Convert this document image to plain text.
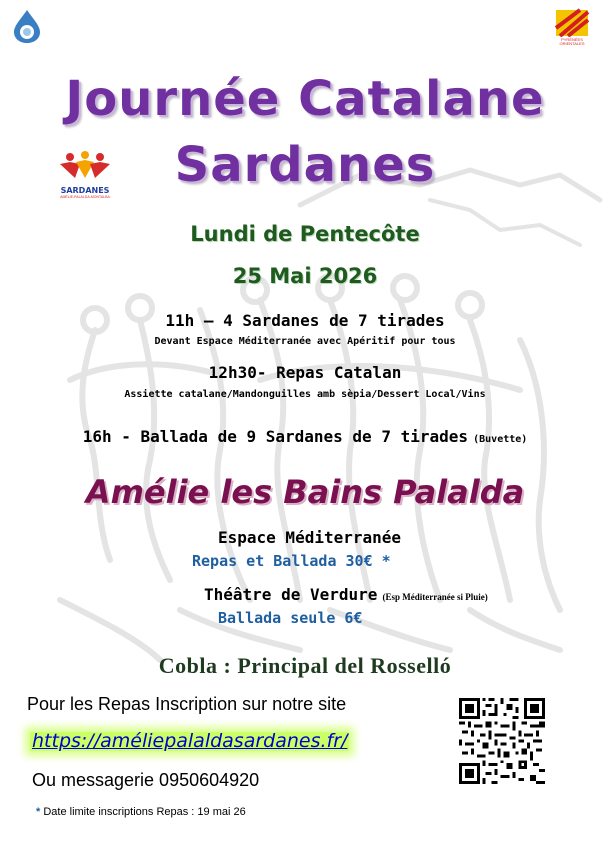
PYRÉNÉES ORIENTALES
Journée Catalane
Sardanes
SARDANES
AMÉLIE-PALALDA-MONTALBA
Lundi de Pentecôte
25 Mai 2026
11h – 4 Sardanes de 7 tirades
Devant Espace Méditerranée avec Apéritif pour tous
12h30- Repas Catalan
Assiette catalane/Mandonguilles amb sèpia/Dessert Local/Vins
16h - Ballada de 9 Sardanes de 7 tirades (Buvette)
Amélie les Bains Palalda
Espace Méditerranée
Repas et Ballada 30€ *
Théâtre de Verdure (Esp Méditerranée si Pluie)
Ballada seule 6€
Cobla : Principal del Rosselló
Pour les Repas Inscription sur notre site
https://améliepalaldasardanes.fr/
Ou messagerie 0950604920
* Date limite inscriptions Repas : 19 mai 26
